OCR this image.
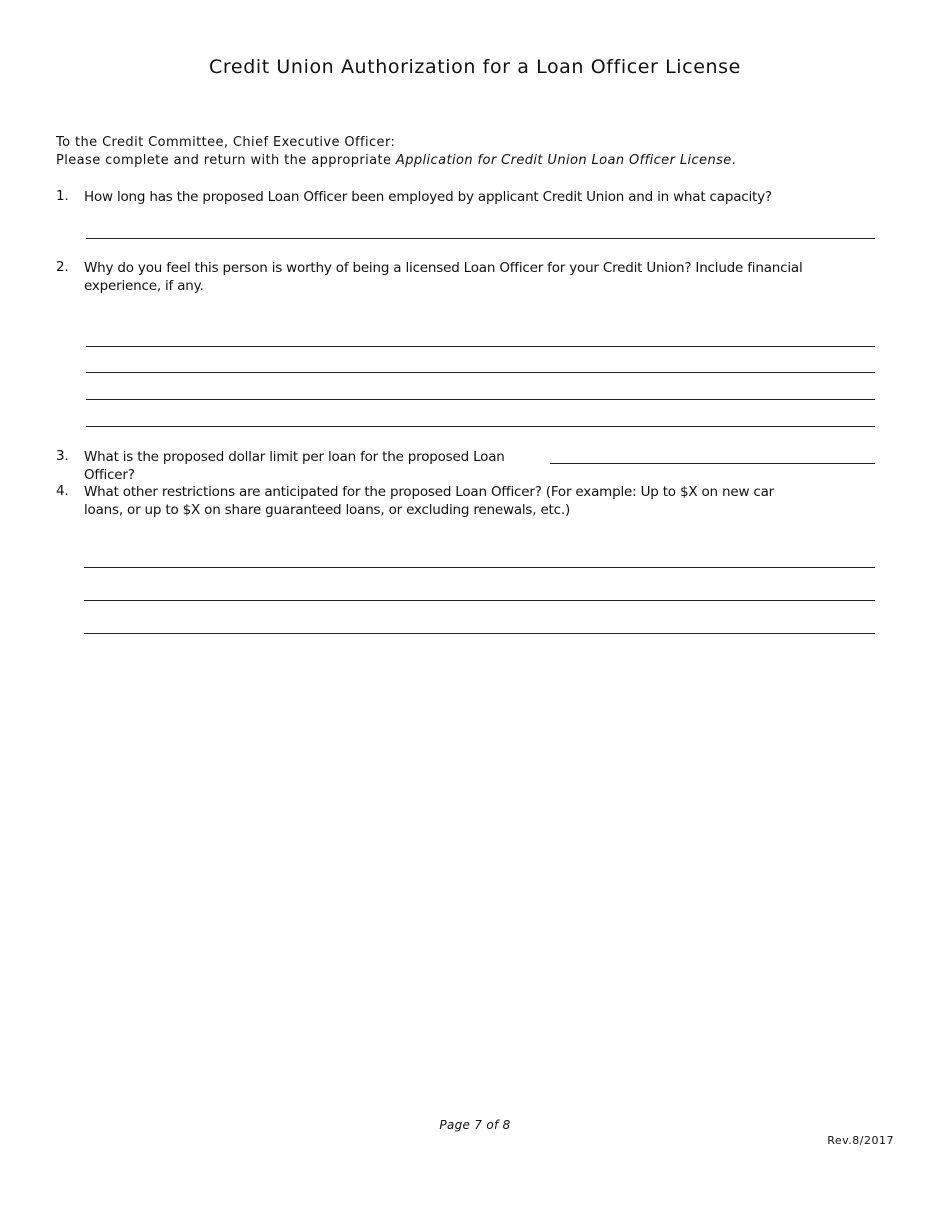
Credit Union Authorization for a Loan Officer License
To the Credit Committee, Chief Executive Officer:
Please complete and return with the appropriate Application for Credit Union Loan Officer License.
1. How long has the proposed Loan Officer been employed by applicant Credit Union and in what capacity?
2. Why do you feel this person is worthy of being a licensed Loan Officer for your Credit Union? Include financial
experience, if any.
3. What is the proposed dollar limit per loan for the proposed Loan Officer?
4. What other restrictions are anticipated for the proposed Loan Officer? (For example: Up to $X on new car
loans, or up to $X on share guaranteed loans, or excluding renewals, etc.)
Page 7 of 8
Rev.8/2017
